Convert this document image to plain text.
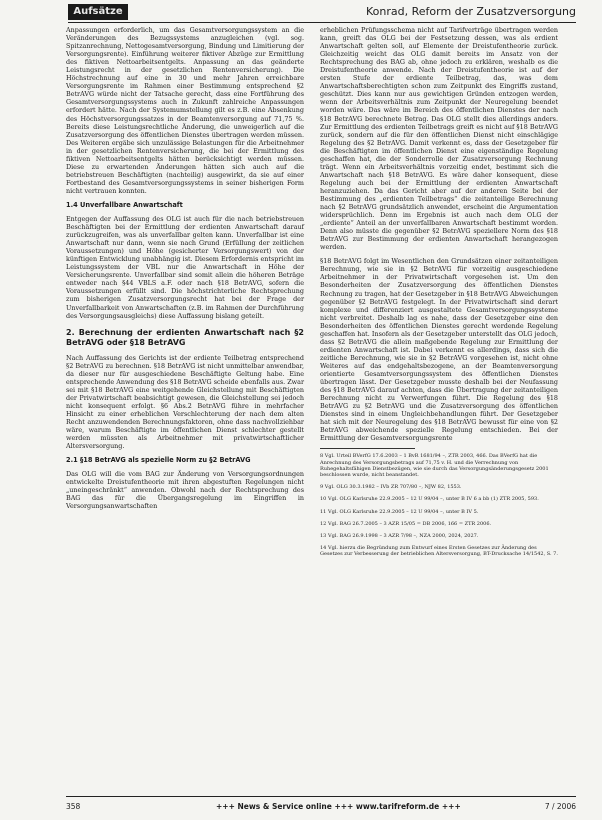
Aufsätze	Konrad, Reform der Zusatzversorgung

Anpassungen erforderlich, um das Gesamtversorgungssystem an die Veränderungen des Bezugssystems anzugleichen (vgl. sog. Spitzanrechnung, Nettogesamtversorgung, Bindung und Limitierung der Versorgungsrente). Einführung weiterer fiktiver Abzüge zur Ermittlung des fiktiven Nettoarbeitsentgelts. Anpassung an das geänderte Leistungsrecht in der gesetzlichen Rentenversicherung). Die Höchstrechnung auf eine in 30 und mehr Jahren erreichbare Versorgungsrente im Rahmen einer Bestimmung entsprechend §2 BetrAVG würde nicht der Tatsache gerecht, dass eine Fortführung des Gesamtversorgungssystems auch in Zukunft zahlreiche Anpassungen erfordert hätte. Nach der Systemumstellung gilt es z.B. eine Absenkung des Höchstversorgungssatzes in der Beamtenversorgung auf 71,75 %. Bereits diese Leistungsrechtliche Änderung, die unweigerlich auf die Zusatzversorgung des öffentlichen Dienstes übertragen werden müssen. Des Weiteren ergäbe sich unzulässige Belastungen für die Arbeitnehmer in der gesetzlichen Rentenversicherung, die bei der Ermittlung des fiktiven Nettoarbeitsentgelts hätten berücksichtigt werden müssen. Diese zu erwartenden Änderungen hätten sich auch auf die betriebstreuen Beschäftigten (nachteilig) ausgewirkt, da sie auf einer Fortbestand des Gesamtversorgungssystems in seiner bisherigen Form nicht vertrauen konnten.

1.4 Unverfallbare Anwartschaft

Entgegen der Auffassung des OLG ist auch für die nach betriebstreuen Beschäftigten bei der Ermittlung der erdienten Anwartschaft darauf zurückzugreifen, was als unverfallbar gelten kann. Unverfallbar ist eine Anwartschaft nur dann, wenn sie nach Grund (Erfüllung der zeitlichen Voraussetzungen) und Höhe (gesicherter Versorgungswert) von der künftigen Entwicklung unabhängig ist. Diesem Erfordernis entspricht im Leistungssystem der VBL nur die Anwartschaft in Höhe der Versicherungsrente. Unverfallbar sind somit allein die höheren Beträge entweder nach §44 VBLS a.F. oder nach §18 BetrAVG, sofern die Voraussetzungen erfüllt sind. Die höchstrichterliche Rechtsprechung zum bisherigen Zusatzversorgungsrecht hat bei der Frage der Unverfallbarkeit von Anwartschaften (z.B. im Rahmen der Durchführung des Versorgungsausgleichs) diese Auffassung bislang geteilt.

2. Berechnung der erdienten Anwartschaft nach §2 BetrAVG oder §18 BetrAVG

Nach Auffassung des Gerichts ist der erdiente Teilbetrag entsprechend §2 BetrAVG zu berechnen. §18 BetrAVG ist nicht unmittelbar anwendbar, da dieser nur für ausgeschiedene Beschäftigte Geltung habe. Eine entsprechende Anwendung des §18 BetrAVG scheide ebenfalls aus. Zwar sei mit §18 BetrAVG eine weitgehende Gleichstellung mit Beschäftigten der Privatwirtschaft beabsichtigt gewesen, die Gleichstellung sei jedoch nicht konsequent erfolgt. §6 Abs.2 BetrAVG führe in mehrfacher Hinsicht zu einer erheblichen Verschlechterung der nach dem alten Recht anzuwendenden Berechnungsfaktoren, ohne dass nachvollziehbar wäre, warum Beschäftigte im öffentlichen Dienst schlechter gestellt werden müssten als Arbeitnehmer mit privatwirtschaftlicher Altersversorgung.

2.1 §18 BetrAVG als spezielle Norm zu §2 BetrAVG

Das OLG will die vom BAG zur Änderung von Versorgungsordnungen entwickelte Dreistufentheorie mit ihren abgestuften Regelungen nicht „uneingeschränkt“ anwenden. Obwohl nach der Rechtsprechung des BAG das für die Übergangsregelung im Eingriffen in Versorgungsanwartschaften

erheblichen Prüfungsschema nicht auf Tarifverträge übertragen werden kann, greift das OLG bei der Festsetzung dessen, was als erdient Anwartschaft gelten soll, auf Elemente der Dreistufentheorie zurück. Gleichzeitig weicht das OLG damit bereits im Ansatz von der Rechtsprechung des BAG ab, ohne jedoch zu erklären, weshalb es die Dreistufentheorie anwende. Nach der Dreistufentheorie ist auf der ersten Stufe der erdiente Teilbetrag, das, was dem Anwartschaftsberechtigten schon zum Zeitpunkt des Eingriffs zustand, geschützt. Dies kann nur aus gewichtigen Gründen entzogen werden, wenn der Arbeitsverhältnis zum Zeitpunkt der Neuregelung beendet worden wäre. Das wäre im Bereich des öffentlichen Dienstes der nach §18 BetrAVG berechnete Betrag. Das OLG stellt dies allerdings anders. Zur Ermittlung des erdienten Teilbetrags greift es nicht auf §18 BetrAVG zurück, sondern auf die für den öffentlichen Dienst nicht einschlägige Regelung des §2 BetrAVG. Damit verkennt es, dass der Gesetzgeber für die Beschäftigten im öffentlichen Dienst eine eigenständige Regelung geschaffen hat, die der Sonderrolle der Zusatzversorgung Rechnung trägt. Wenn ein Arbeitsverhältnis vorzeitig endet, bestimmt sich die Anwartschaft nach §18 BetrAVG. Es wäre daher konsequent, diese Regelung auch bei der Ermittlung der erdienten Anwartschaft heranzuziehen. Da das Gericht aber auf der anderen Seite bei der Bestimmung des „erdienten Teilbetrags“ die zeitanteilige Berechnung nach §2 BetrAVG grundsätzlich anwendet, erscheint die Argumentation widersprüchlich. Denn im Ergebnis ist auch nach dem OLG der „erdiente“ Anteil an der unverfallbaren Anwartschaft bestimmt worden. Denn also müsste die gegenüber §2 BetrAVG speziellere Norm des §18 BetrAVG zur Bestimmung der erdienten Anwartschaft herangezogen werden.

§18 BetrAVG folgt im Wesentlichen den Grundsätzen einer zeitanteiligen Berechnung, wie sie in §2 BetrAVG für vorzeitig ausgeschiedene Arbeitnehmer in der Privatwirtschaft vorgesehen ist. Um den Besonderheiten der Zusatzversorgung des öffentlichen Dienstes Rechnung zu tragen, hat der Gesetzgeber in §18 BetrAVG Abweichungen gegenüber §2 BetrAVG festgelegt. In der Privatwirtschaft sind derart komplexe und differenziert ausgestaltete Gesamtversorgungssysteme nicht verbreitet. Deshalb lag es nahe, dass der Gesetzgeber eine den Besonderheiten des öffentlichen Dienstes gerecht werdende Regelung geschaffen hat. Insofern als der Gesetzgeber unterstellt das OLG jedoch, dass §2 BetrAVG die allein maßgebende Regelung zur Ermittlung der erdienten Anwartschaft ist. Dabei verkennt es allerdings, dass sich die zeitliche Berechnung, wie sie in §2 BetrAVG vorgesehen ist, nicht ohne Weiteres auf das endgehaltsbezogene, an der Beamtenversorgung orientierte Gesamtversorgungssystem des öffentlichen Dienstes übertragen lässt. Der Gesetzgeber musste deshalb bei der Neufassung des §18 BetrAVG darauf achten, dass die Übertragung der zeitanteiligen Berechnung nicht zu Verwerfungen führt. Die Regelung des §18 BetrAVG zu §2 BetrAVG und die Zusatzversorgung des öffentlichen Dienstes sind in einem Ungleichbehandlungen führt. Der Gesetzgeber hat sich mit der Neuregelung des §18 BetrAVG bewusst für eine von §2 BetrAVG abweichende spezielle Regelung entschieden. Bei der Ermittlung der Gesamtversorgungsrente

8 Vgl. Urteil BVerfG 17.6.2003 – 1 BvR 1681/94 –, ZTR 2003, 466. Das BVerfG hat die Anrechnung des Versorgungsbetrags auf 71,75 v. H. und die Verrechnung von Ruhegehaltsfähigen Dienstbezügen, wie sie durch das Versorgungsänderungsgesetz 2001 beschlossen wurde, nicht beanstandet.

9 Vgl. OLG 30.3.1982 – IVb ZR 707/80 –, NJW 82, 1553.

10 Vgl. OLG Karlsruhe 22.9.2005 – 12 U 99/04 –, unter B IV 6 a bb (1) ZTR 2005, 593.

11 Vgl. OLG Karlsruhe 22.9.2005 – 12 U 99/04 –, unter B IV 5.

12 Vgl. BAG 26.7.2005 – 3 AZR 15/05 = DB 2006, 166 = ZTR 2006.

13 Vgl. BAG 26.9.1998 – 3 AZR 7/98 –, NZA 2000, 2024, 2027.

14 Vgl. hierzu die Begründung zum Entwurf eines Ersten Gesetzes zur Änderung des Gesetzes zur Verbesserung der betrieblichen Altersversorgung, BT-Drucksache 14/1542, S. 7.

358	+++ News & Service online +++ www.tarifreform.de +++	7 / 2006
